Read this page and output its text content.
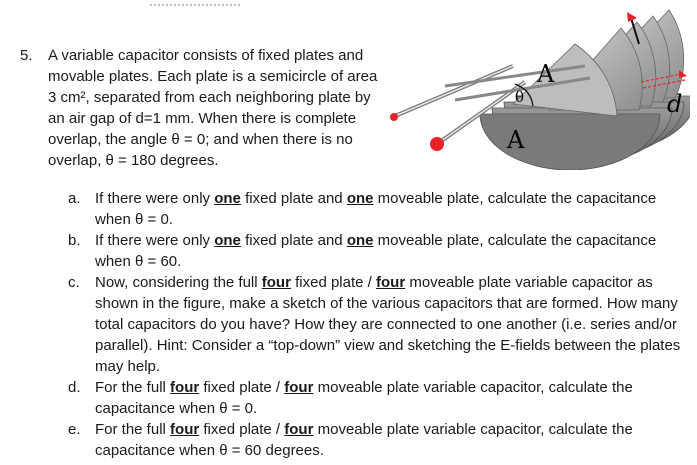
5. A variable capacitor consists of fixed plates and movable plates. Each plate is a semicircle of area 3 cm², separated from each neighboring plate by an air gap of d=1 mm. When there is complete overlap, the angle θ = 0; and when there is no overlap, θ = 180 degrees.
A
A
θ	d
a. If there were only one fixed plate and one moveable plate, calculate the capacitance when θ = 0.
b. If there were only one fixed plate and one moveable plate, calculate the capacitance when θ = 60.
c. Now, considering the full four fixed plate / four moveable plate variable capacitor as shown in the figure, make a sketch of the various capacitors that are formed. How many total capacitors do you have? How they are connected to one another (i.e. series and/or parallel). Hint: Consider a “top-down” view and sketching the E-fields between the plates may help.
d. For the full four fixed plate / four moveable plate variable capacitor, calculate the capacitance when θ = 0.
e. For the full four fixed plate / four moveable plate variable capacitor, calculate the capacitance when θ = 60 degrees.
